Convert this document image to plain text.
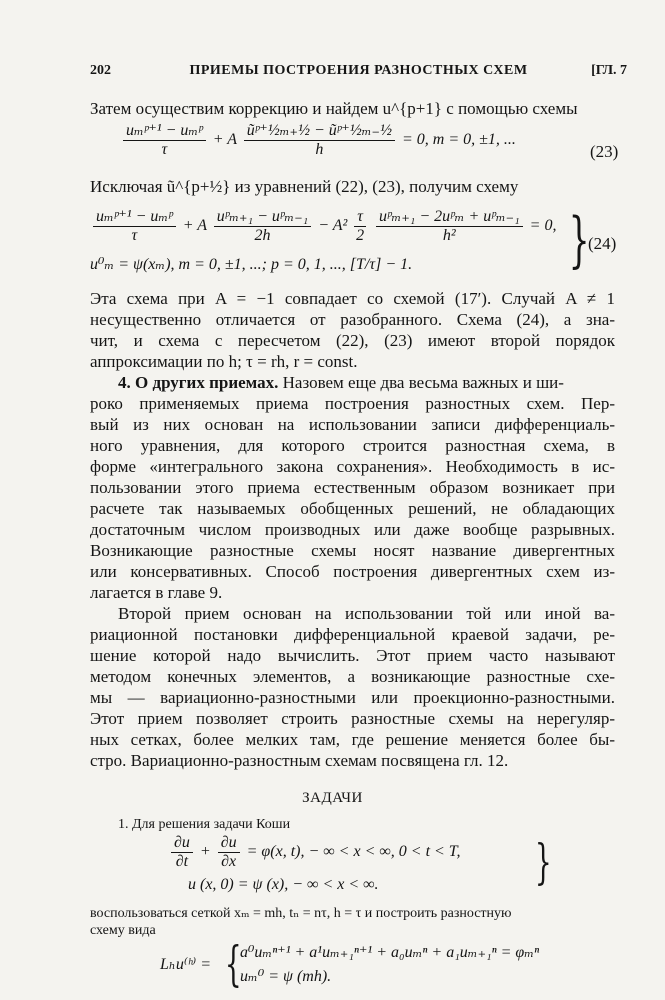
202	ПРИЕМЫ ПОСТРОЕНИЯ РАЗНОСТНЫХ СХЕМ	[ГЛ. 7
Затем осуществим коррекцию и найдем u^{p+1} с помощью схемы
$\frac{\text{uₘᵖ⁺¹ − uₘᵖ}}{\tau} + A \frac{\text{ũᵖ⁺½ₘ₊½ − ũᵖ⁺½ₘ₋½}}{h} = 0$, m = 0, ±1, ...
(23)
Исключая ũ^{p+½} из уравнений (22), (23), получим схему
$\frac{\text{uₘᵖ⁺¹ − uₘᵖ}}{\tau} + A \frac{\text{uᵖₘ₊₁ − uᵖₘ₋₁}}{2h} - A^2 \frac{\tau}{2}$
$\frac{\text{uᵖₘ₊₁ − 2uᵖₘ + uᵖₘ₋₁}}{\text{h²}} = 0$,
u⁰ₘ = ψ(xₘ), m = 0, ±1, ...; p = 0, 1, ..., [T/τ] − 1.	}
(24)
Эта схема при A = −1 совпадает со схемой (17′). Случай A ≠ 1
несущественно отличается от разобранного. Схема (24), а зна-
чит, и схема с пересчетом (22), (23) имеют второй порядок
аппроксимации по h; τ = rh, r = const.
4. О других приемах. Назовем еще два весьма важных и ши-
роко применяемых приема построения разностных схем. Пер-
вый из них основан на использовании записи дифференциаль-
ного уравнения, для которого строится разностная схема, в
форме «интегрального закона сохранения». Необходимость в ис-
пользовании этого приема естественным образом возникает при
расчете так называемых обобщенных решений, не обладающих
достаточным числом производных или даже вообще разрывных.
Возникающие разностные схемы носят название дивергентных
или консервативных. Способ построения дивергентных схем из-
лагается в главе 9.
Второй прием основан на использовании той или иной ва-
риационной постановки дифференциальной краевой задачи, ре-
шение которой надо вычислить. Этот прием часто называют
методом конечных элементов, а возникающие разностные схе-
мы — вариационно-разностными или проекционно-разностными.
Этот прием позволяет строить разностные схемы на нерегуляр-
ных сетках, более мелких там, где решение меняется более бы-
стро. Вариационно-разностным схемам посвящена гл. 12.
ЗАДАЧИ
1. Для решения задачи Коши
$\frac{\partial u}{\partial t} + \frac{\partial u}{\partial x} = \varphi(x$, t), − ∞ < x < ∞, 0 < t < T,
u (x, 0) = ψ (x), − ∞ < x < ∞.	}
воспользоваться сеткой xₘ = mh, tₙ = nτ, h = τ и построить разностную
схему вида
Lₕu⁽ʰ⁾ = {
a⁰uₘⁿ⁺¹ + a¹uₘ₊₁ⁿ⁺¹ + a₀uₘⁿ + a₁uₘ₊₁ⁿ = φₘⁿ
uₘ⁰ = ψ (mh).
